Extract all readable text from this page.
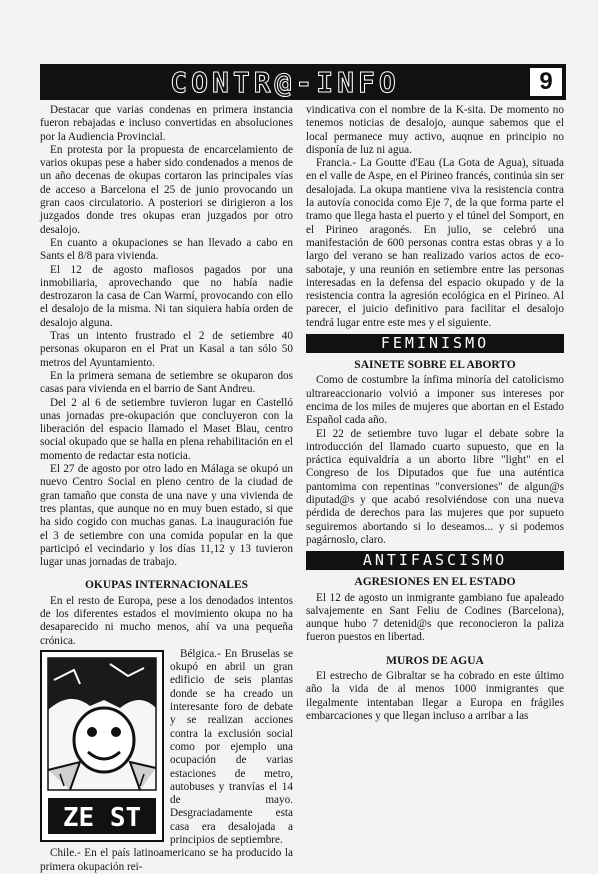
CONTR@-INFO	9

Destacar que varias condenas en primera instancia fueron rebajadas e incluso convertidas en absoluciones por la Audiencia Provincial.

En protesta por la propuesta de encarcelamiento de varios okupas pese a haber sido condenados a menos de un año decenas de okupas cortaron las principales vías de acceso a Barcelona el 25 de junio provocando un gran caos circulatorio. A posteriori se dirigieron a los juzgados donde tres okupas eran juzgados por otro desalojo.

En cuanto a okupaciones se han llevado a cabo en Sants el 8/8 para vivienda.

El 12 de agosto mafiosos pagados por una inmobiliaria, aprovechando que no había nadie destrozaron la casa de Can Warmí, provocando con ello el desalojo de la misma. Ni tan siquiera había orden de desalojo alguna.

Tras un intento frustrado el 2 de setiembre 40 personas okuparon en el Prat un Kasal a tan sólo 50 metros del Ayuntamiento.

En la primera semana de setiembre se okuparon dos casas para vivienda en el barrio de Sant Andreu.

Del 2 al 6 de setiembre tuvieron lugar en Castelló unas jornadas pre-okupación que concluyeron con la liberación del espacio llamado el Maset Blau, centro social okupado que se halla en plena rehabilitación en el momento de redactar esta noticia.

El 27 de agosto por otro lado en Málaga se okupó un nuevo Centro Social en pleno centro de la ciudad de gran tamaño que consta de una nave y una vivienda de tres plantas, que aunque no en muy buen estado, si que ha sido cogido con muchas ganas. La inauguración fue el 3 de setiembre con una comida popular en la que participó el vecindario y los días 11,12 y 13 tuvieron lugar unas jornadas de trabajo.

OKUPAS INTERNACIONALES

En el resto de Europa, pese a los denodados intentos de los diferentes estados el movimiento okupa no ha desaparecido ni mucho menos, ahí va una pequeña crónica.

ZE ST

Bélgica.- En Bruselas se okupó en abril un gran edificio de seis plantas donde se ha creado un interesante foro de debate y se realizan acciones contra la exclusión social como por ejemplo una ocupación de varias estaciones de metro, autobuses y tranvías el 14 de mayo. Desgraciadamente esta casa era desalojada a principios de septiembre.

Chile.- En el país latinoamericano se ha producido la primera okupación rei-

vindicativa con el nombre de la K-sita. De momento no tenemos noticias de desalojo, aunque sabemos que el local permanece muy activo, auqnue en principio no disponía de luz ni agua.

Francia.- La Goutte d'Eau (La Gota de Agua), situada en el valle de Aspe, en el Pirineo francés, continúa sin ser desalojada. La okupa mantiene viva la resistencia contra la autovía conocida como Eje 7, de la que forma parte el tramo que llega hasta el puerto y el túnel del Somport, en el Pirineo aragonés. En julio, se celebró una manifestación de 600 personas contra estas obras y a lo largo del verano se han realizado varios actos de eco-sabotaje, y una reunión en setiembre entre las personas interesadas en la defensa del espacio okupado y de la resistencia contra la agresión ecológica en el Pirineo. Al parecer, el juicio definitivo para facilitar el desalojo tendrá lugar entre este mes y el siguiente.

FEMINISMO
SAINETE SOBRE EL ABORTO

Como de costumbre la ínfima minoría del catolicismo ultrareaccionario volvió a imponer sus intereses por encima de los miles de mujeres que abortan en el Estado Español cada año.

El 22 de setiembre tuvo lugar el debate sobre la introducción del llamado cuarto supuesto, que en la práctica equivaldría a un aborto libre "light" en el Congreso de los Diputados que fue una auténtica pantomima con repentinas "conversiones" de algun@s diputad@s y que acabó resolviéndose con una nueva pérdida de derechos para las mujeres que por supueto seguiremos abortando si lo deseamos... y si podemos pagárnoslo, claro.

ANTIFASCISMO
AGRESIONES EN EL ESTADO

El 12 de agosto un inmigrante gambiano fue apaleado salvajemente en Sant Feliu de Codines (Barcelona), aunque hubo 7 detenid@s que reconocieron la paliza fueron puestos en libertad.

MUROS DE AGUA

El estrecho de Gibraltar se ha cobrado en este último año la vida de al menos 1000 inmigrantes que ilegalmente intentaban llegar a Europa en frágiles embarcaciones y que llegan incluso a arribar a las
